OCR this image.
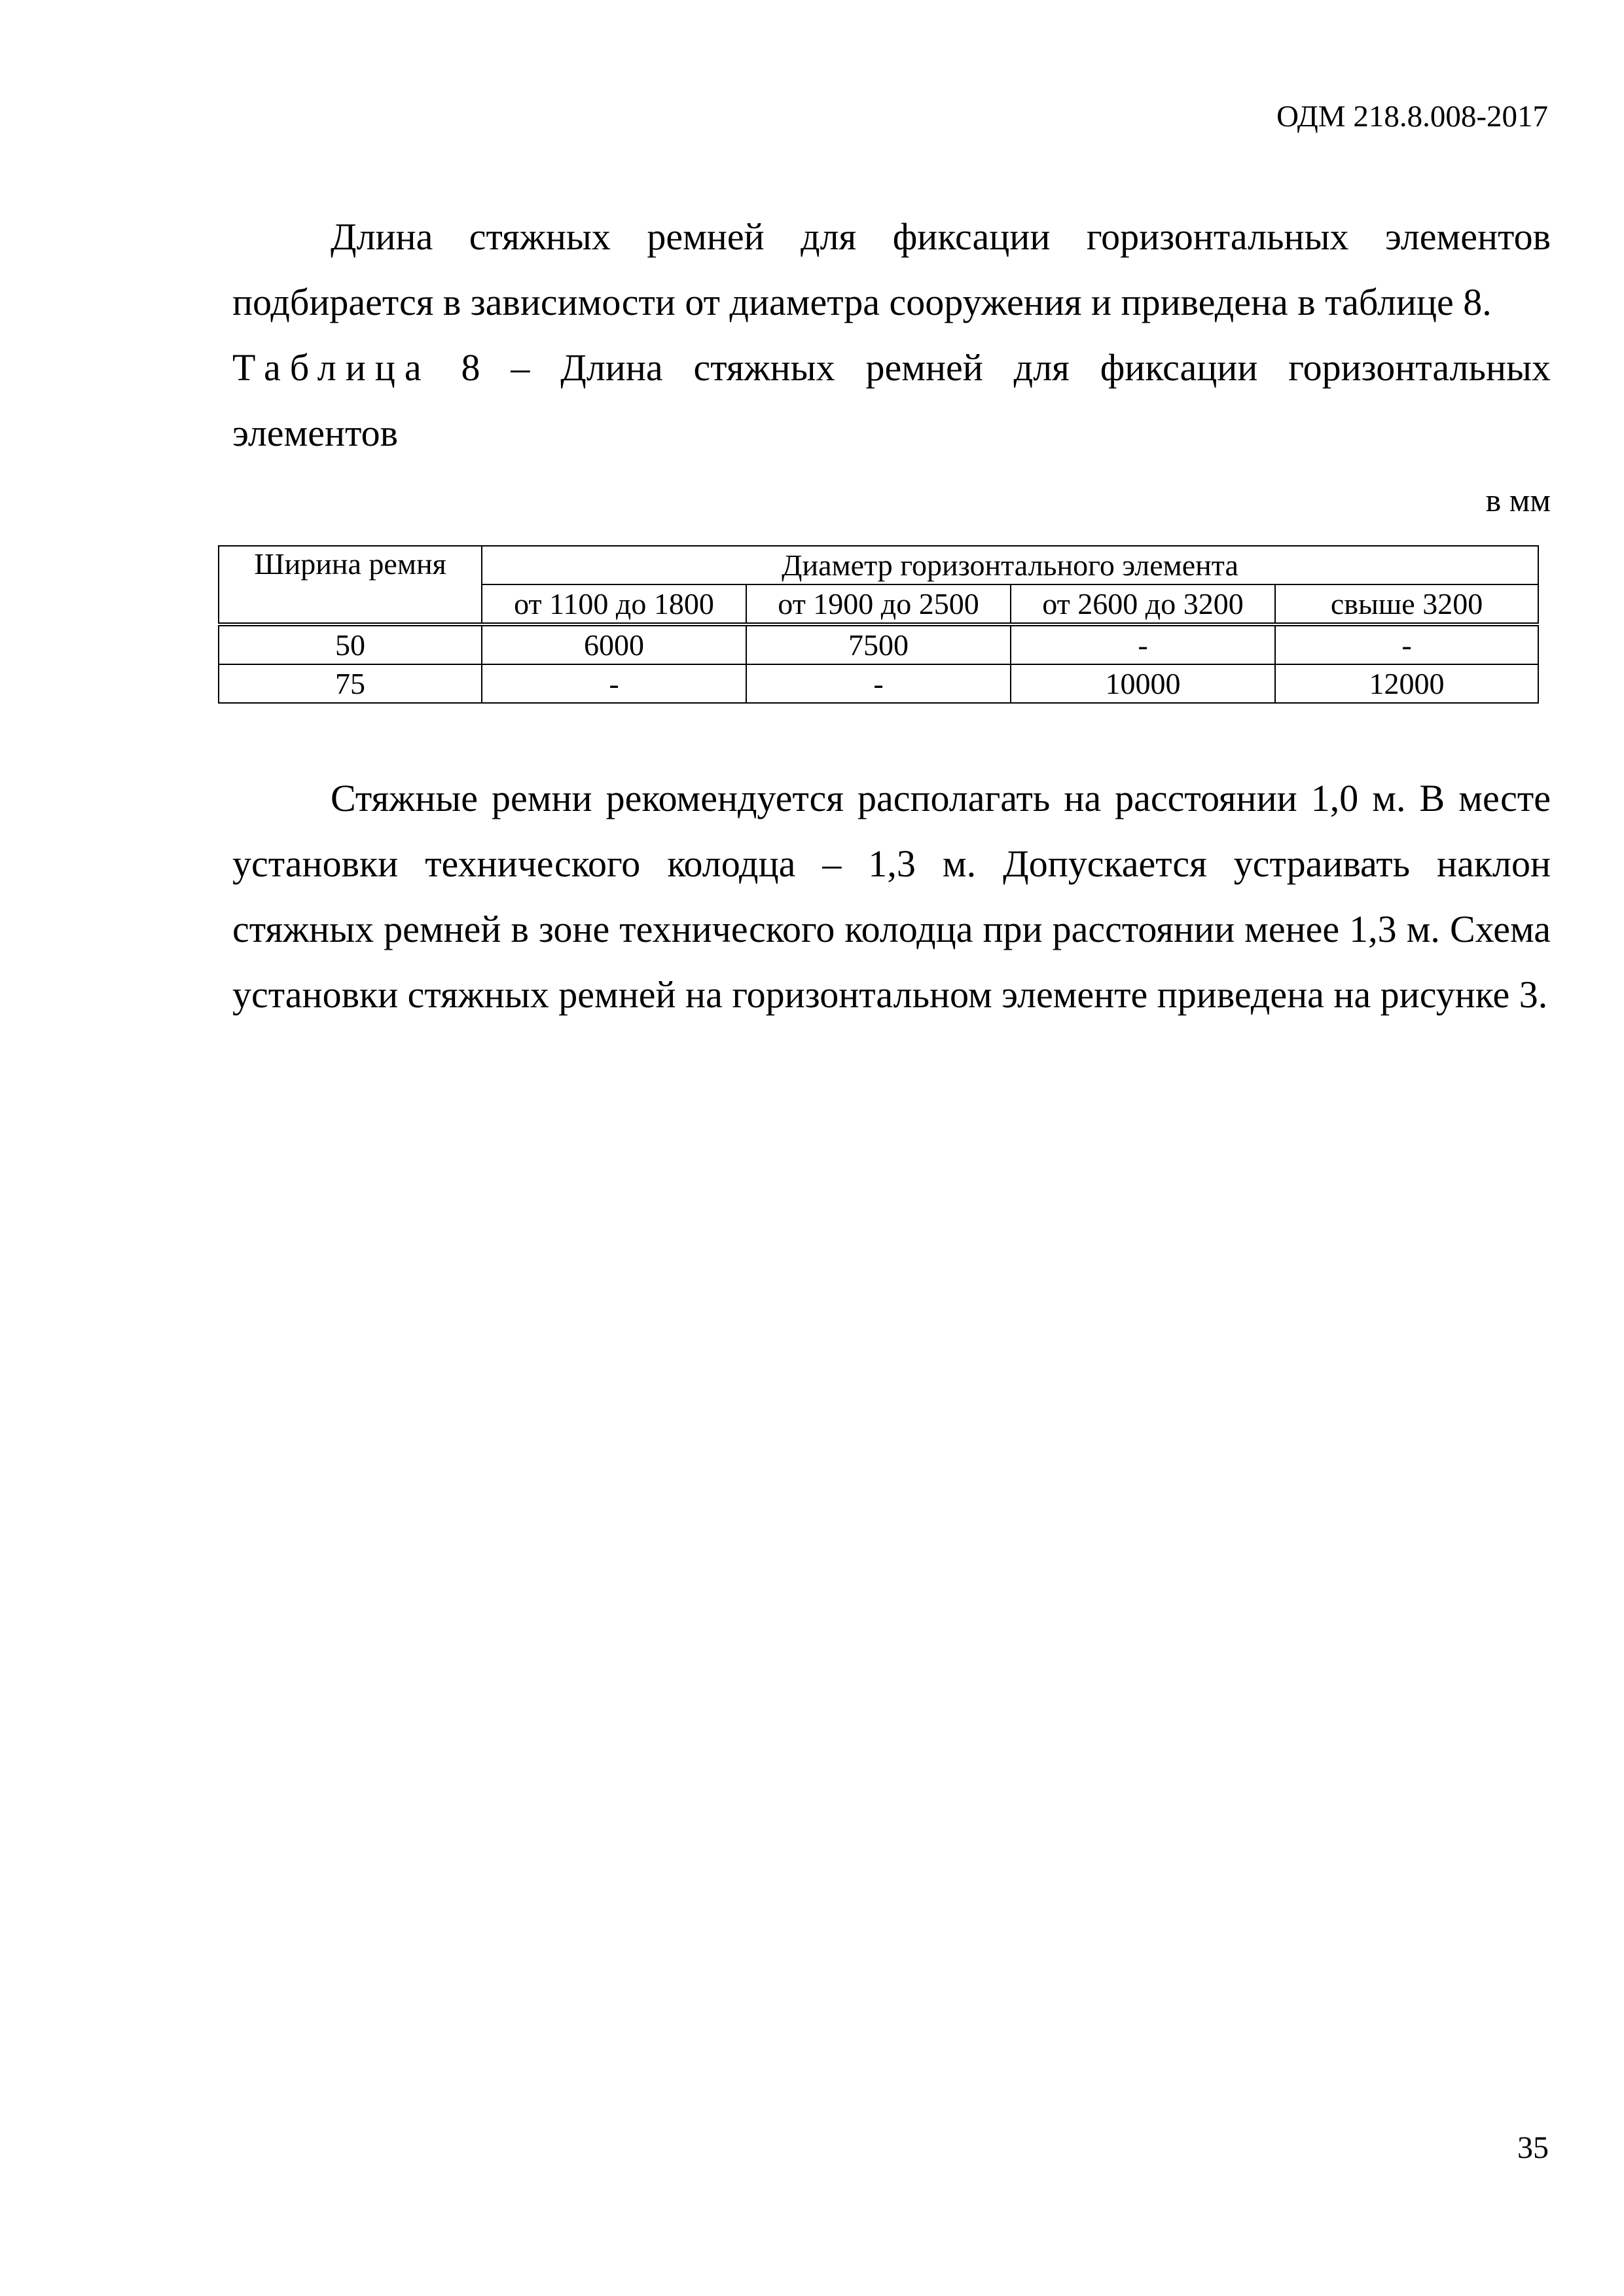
ОДМ 218.8.008-2017

Длина стяжных ремней для фиксации горизонтальных элементов подбирается в зависимости от диаметра сооружения и приведена в таблице 8.

Таблица 8 – Длина стяжных ремней для фиксации горизонтальных элементов
в мм
Ширина ремня	Диаметр горизонтального элемента			
	от 1100 до 1800	от 1900 до 2500	от 2600 до 3200	свыше 3200
50	6000	7500	-	-
75	-	-	10000	12000

Стяжные ремни рекомендуется располагать на расстоянии 1,0 м. В месте установки технического колодца – 1,3 м. Допускается устраивать наклон стяжных ремней в зоне технического колодца при расстоянии менее 1,3 м. Схема установки стяжных ремней на горизонтальном элементе приведена на рисунке 3.

35
